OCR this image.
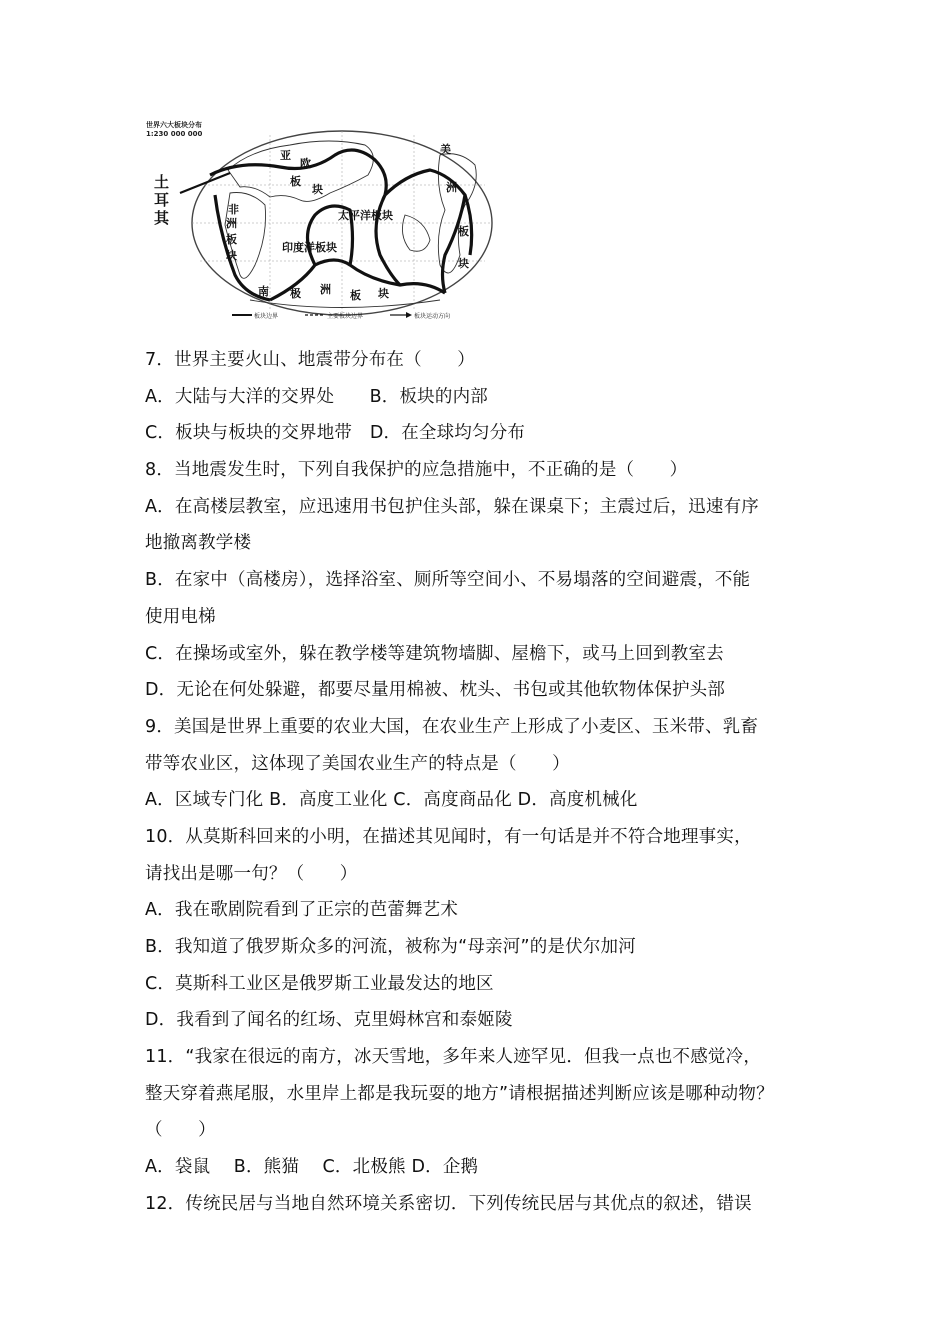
世界六大板块分布
1:230 000 000
土
耳
其
亚
欧
板
块
非
洲
板
块
太平洋板块
印度洋板块
南 极 洲 板 块
美
洲
板
块
板块边界	主要板块边界	板块运动方向
7．世界主要火山、地震带分布在（　　）
A．大陆与大洋的交界处　　B．板块的内部
C．板块与板块的交界地带　D．在全球均匀分布
8．当地震发生时，下列自我保护的应急措施中，不正确的是（　　）
A．在高楼层教室，应迅速用书包护住头部，躲在课桌下；主震过后，迅速有序
地撤离教学楼
B．在家中（高楼房），选择浴室、厕所等空间小、不易塌落的空间避震，不能
使用电梯
C．在操场或室外，躲在教学楼等建筑物墙脚、屋檐下，或马上回到教室去
D．无论在何处躲避，都要尽量用棉被、枕头、书包或其他软物体保护头部
9．美国是世界上重要的农业大国，在农业生产上形成了小麦区、玉米带、乳畜
带等农业区，这体现了美国农业生产的特点是（　　）
A．区域专门化 B．高度工业化 C．高度商品化 D．高度机械化
10．从莫斯科回来的小明，在描述其见闻时，有一句话是并不符合地理事实，
请找出是哪一句？（　　）
A．我在歌剧院看到了正宗的芭蕾舞艺术
B．我知道了俄罗斯众多的河流，被称为“母亲河”的是伏尔加河
C．莫斯科工业区是俄罗斯工业最发达的地区
D．我看到了闻名的红场、克里姆林宫和泰姬陵
11．“我家在很远的南方，冰天雪地，多年来人迹罕见．但我一点也不感觉冷，
整天穿着燕尾服，水里岸上都是我玩耍的地方”请根据描述判断应该是哪种动物？
（　　）
A．袋鼠　 B．熊猫　 C．北极熊 D．企鹅
12．传统民居与当地自然环境关系密切．下列传统民居与其优点的叙述，错误
